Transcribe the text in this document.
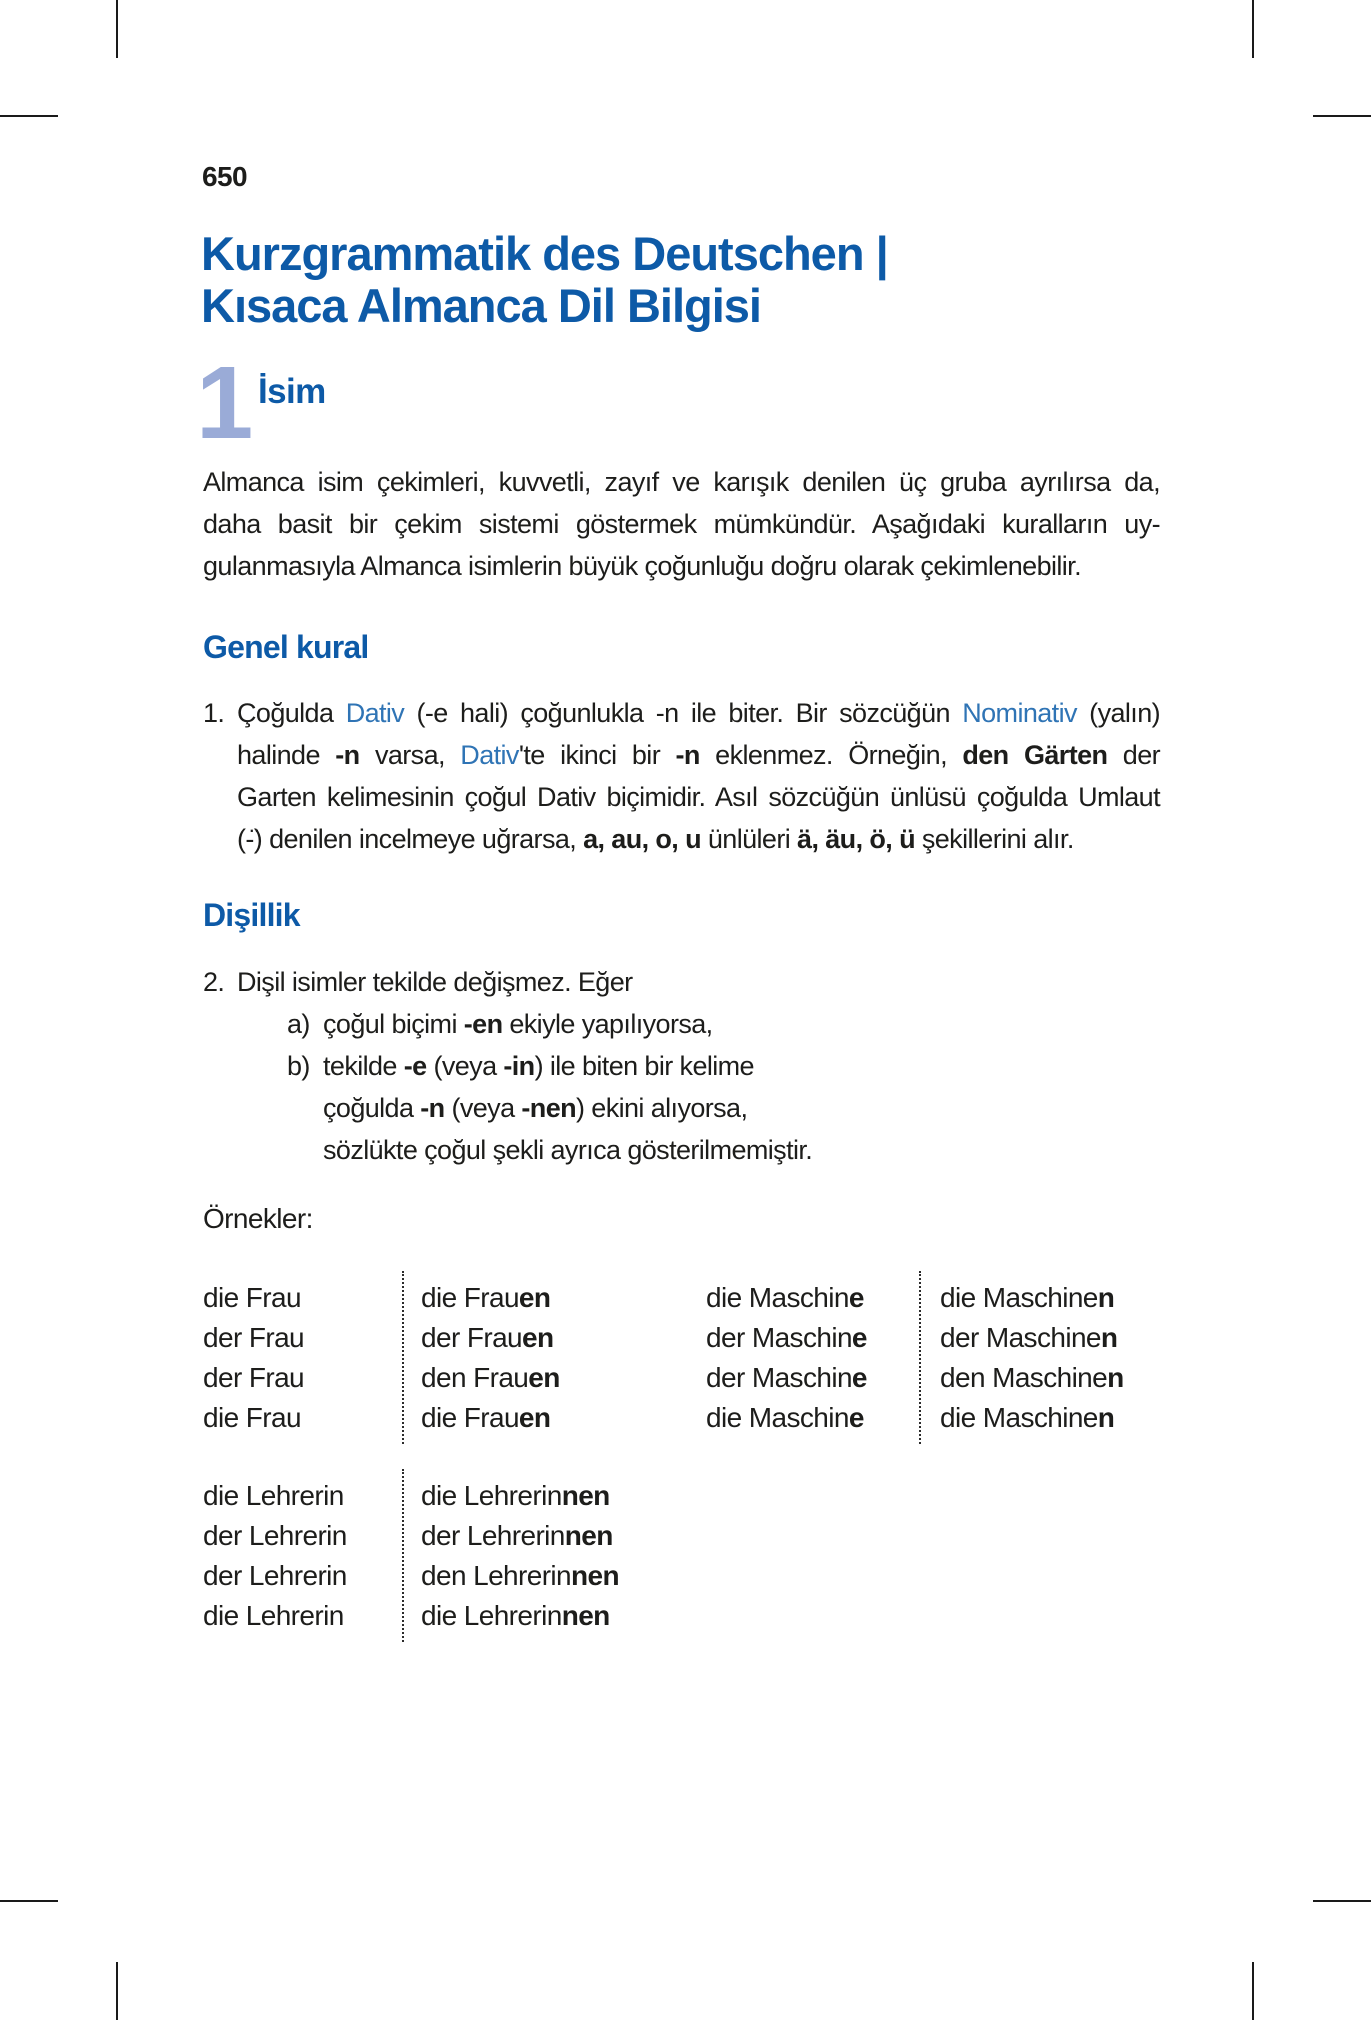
650
Kurzgrammatik des Deutschen |
Kısaca Almanca Dil Bilgisi
1 İsim
Almanca isim çekimleri, kuvvetli, zayıf ve karışık denilen üç gruba ayrılırsa da,
daha basit bir çekim sistemi göstermek mümkündür. Aşağıdaki kuralların uy-
gulanmasıyla Almanca isimlerin büyük çoğunluğu doğru olarak çekimlenebilir.
Genel kural
1. Çoğulda Dativ (-e hali) çoğunlukla -n ile biter. Bir sözcüğün Nominativ (yalın)
halinde -n varsa, Dativ'te ikinci bir -n eklenmez. Örneğin, den Gärten der
Garten kelimesinin çoğul Dativ biçimidir. Asıl sözcüğün ünlüsü çoğulda Umlaut
(-̈) denilen incelmeye uğrarsa, a, au, o, u ünlüleri ä, äu, ö, ü şekillerini alır.
Dişillik
2. Dişil isimler tekilde değişmez. Eğer
a) çoğul biçimi -en ekiyle yapılıyorsa,
b) tekilde -e (veya -in) ile biten bir kelime
çoğulda -n (veya -nen) ekini alıyorsa,
sözlükte çoğul şekli ayrıca gösterilmemiştir.
Örnekler:
die Frau
der Frau
der Frau
die Frau
die Frauen
der Frauen
den Frauen
die Frauen
die Maschine
der Maschine
der Maschine
die Maschine
die Maschinen
der Maschinen
den Maschinen
die Maschinen
die Lehrerin
der Lehrerin
der Lehrerin
die Lehrerin
die Lehrerinnen
der Lehrerinnen
den Lehrerinnen
die Lehrerinnen
